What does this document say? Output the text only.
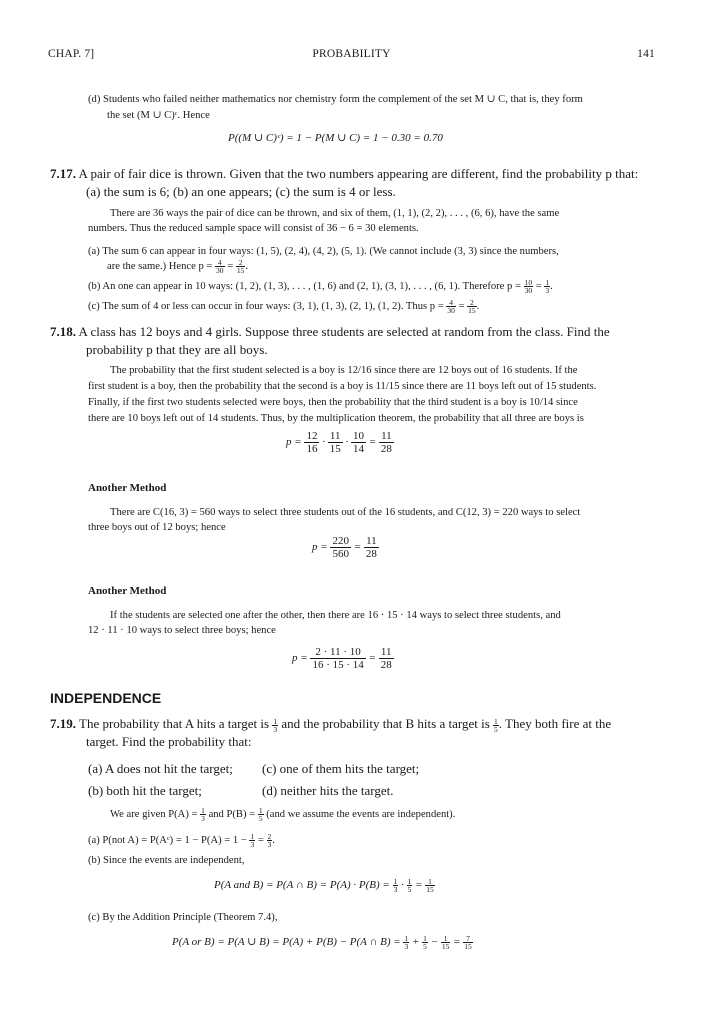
CHAP. 7]	PROBABILITY	141
(d) Students who failed neither mathematics nor chemistry form the complement of the set M ∪ C, that is, they form
the set (M ∪ C)ᶜ. Hence
P((M ∪ C)ᶜ) = 1 − P(M ∪ C) = 1 − 0.30 = 0.70
7.17. A pair of fair dice is thrown. Given that the two numbers appearing are different, find the probability p that:
(a) the sum is 6; (b) an one appears; (c) the sum is 4 or less.
There are 36 ways the pair of dice can be thrown, and six of them, (1, 1), (2, 2), . . . , (6, 6), have the same
numbers. Thus the reduced sample space will consist of 36 − 6 = 30 elements.
(a) The sum 6 can appear in four ways: (1, 5), (2, 4), (4, 2), (5, 1). (We cannot include (3, 3) since the numbers,
are the same.) Hence $p = \frac{4}{30} = \frac{2}{15}$ .
(b) An one can appear in 10 ways: (1, 2), (1, 3), . . . , (1, 6) and (2, 1), (3, 1), . . . , (6, 1). Therefore $p = \frac{10}{30} = \frac{1}{3}$ .
(c) The sum of 4 or less can occur in four ways: (3, 1), (1, 3), (2, 1), (1, 2). Thus $p = \frac{4}{30} = \frac{2}{15}$ .
7.18. A class has 12 boys and 4 girls. Suppose three students are selected at random from the class. Find the
probability p that they are all boys.
The probability that the first student selected is a boy is 12/16 since there are 12 boys out of 16 students. If the
first student is a boy, then the probability that the second is a boy is 11/15 since there are 11 boys left out of 15 students.
Finally, if the first two students selected were boys, then the probability that the third student is a boy is 10/14 since
there are 10 boys left out of 14 students. Thus, by the multiplication theorem, the probability that all three are boys is
$p = \frac{12}{16} \cdot \frac{11}{15} \cdot \frac{10}{14} = \frac{11}{28}$
Another Method
There are C(16, 3) = 560 ways to select three students out of the 16 students, and C(12, 3) = 220 ways to select
three boys out of 12 boys; hence
$p = \frac{220}{560} = \frac{11}{28}$
Another Method
If the students are selected one after the other, then there are 16 · 15 · 14 ways to select three students, and
12 · 11 · 10 ways to select three boys; hence
$p = \frac{2 \cdot 11 \cdot 10}{16 \cdot 15 \cdot 14} = \frac{11}{28}$
INDEPENDENCE
7.19. The probability that A hits a target is $\frac{1}{3}$ and the probability that B hits a target is $\frac{1}{5}$ . They both fire at the
target. Find the probability that:
(a) A does not hit the target; (c) one of them hits the target;
(b) both hit the target;	(d) neither hits the target.
We are given $P(A) = \frac{1}{3}$ and $P(B) = \frac{1}{5} (and$ we assume the events are independent).
(a) P(not A) = P(Aᶜ) = $1 - P(A) = 1 - \frac{1}{3} = \frac{2}{3}$ .
(b) Since the events are independent,
P(A and B) = P(A ∩ $B) = P(A) \cdot P(B) = \frac{1}{3} \cdot \frac{1}{5} = \frac{1}{15}$
(c) By the Addition Principle (Theorem 7.4),
P(A or B) = P(A ∪ B) = P(A) + P(B) − P(A ∩ $B) = \frac{1}{3} + \frac{1}{5} - \frac{1}{15} = \frac{7}{15}$
